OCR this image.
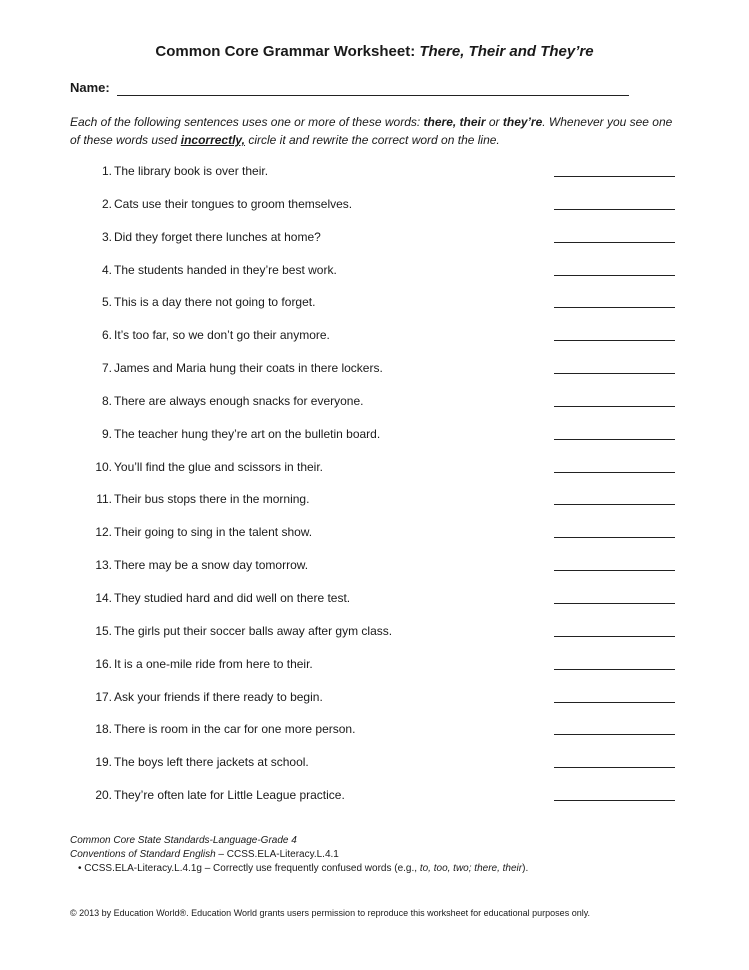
Common Core Grammar Worksheet: There, Their and They’re
Name:
Each of the following sentences uses one or more of these words: there, their or they’re. Whenever you see one of these words used incorrectly, circle it and rewrite the correct word on the line.
1. The library book is over their.
2. Cats use their tongues to groom themselves.
3. Did they forget there lunches at home?
4. The students handed in they’re best work.
5. This is a day there not going to forget.
6. It’s too far, so we don’t go their anymore.
7. James and Maria hung their coats in there lockers.
8. There are always enough snacks for everyone.
9. The teacher hung they’re art on the bulletin board.
10. You’ll find the glue and scissors in their.
11. Their bus stops there in the morning.
12. Their going to sing in the talent show.
13. There may be a snow day tomorrow.
14. They studied hard and did well on there test.
15. The girls put their soccer balls away after gym class.
16. It is a one-mile ride from here to their.
17. Ask your friends if there ready to begin.
18. There is room in the car for one more person.
19. The boys left there jackets at school.
20. They’re often late for Little League practice.
Common Core State Standards-Language-Grade 4
Conventions of Standard English – CCSS.ELA-Literacy.L.4.1
• CCSS.ELA-Literacy.L.4.1g – Correctly use frequently confused words (e.g., to, too, two; there, their).
© 2013 by Education World®. Education World grants users permission to reproduce this worksheet for educational purposes only.
